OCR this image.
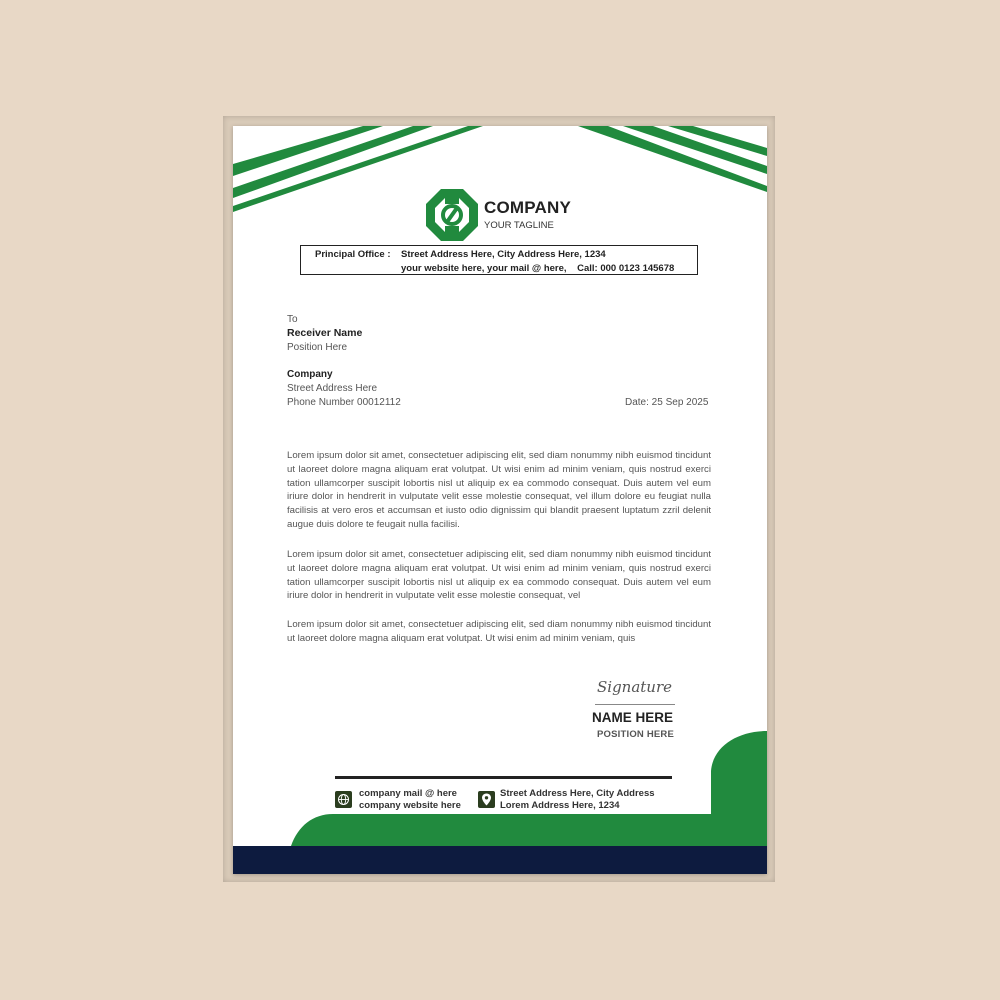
COMPANY
YOUR TAGLINE
Principal Office : Street Address Here, City Address Here, 1234
your website here, your mail @ here,    Call: 000 0123 145678
To
Receiver Name
Position Here
Company
Street Address Here
Phone Number 00012112	Date: 25 Sep 2025

Lorem ipsum dolor sit amet, consectetuer adipiscing elit, sed diam nonummy nibh euismod tincidunt ut laoreet dolore magna aliquam erat volutpat. Ut wisi enim ad minim veniam, quis nostrud exerci tation ullamcorper suscipit lobortis nisl ut aliquip ex ea commodo consequat. Duis autem vel eum iriure dolor in hendrerit in vulputate velit esse molestie consequat, vel illum dolore eu feugiat nulla facilisis at vero eros et accumsan et iusto odio dignissim qui blandit praesent luptatum zzril delenit augue duis dolore te feugait nulla facilisi.

Lorem ipsum dolor sit amet, consectetuer adipiscing elit, sed diam nonummy nibh euismod tincidunt ut laoreet dolore magna aliquam erat volutpat. Ut wisi enim ad minim veniam, quis nostrud exerci tation ullamcorper suscipit lobortis nisl ut aliquip ex ea commodo consequat. Duis autem vel eum iriure dolor in hendrerit in vulputate velit esse molestie consequat, vel

Lorem ipsum dolor sit amet, consectetuer adipiscing elit, sed diam nonummy nibh euismod tincidunt ut laoreet dolore magna aliquam erat volutpat. Ut wisi enim ad minim veniam, quis

Signature
NAME HERE
POSITION HERE
company mail @ here
company website here
Street Address Here, City Address
Lorem Address Here, 1234
